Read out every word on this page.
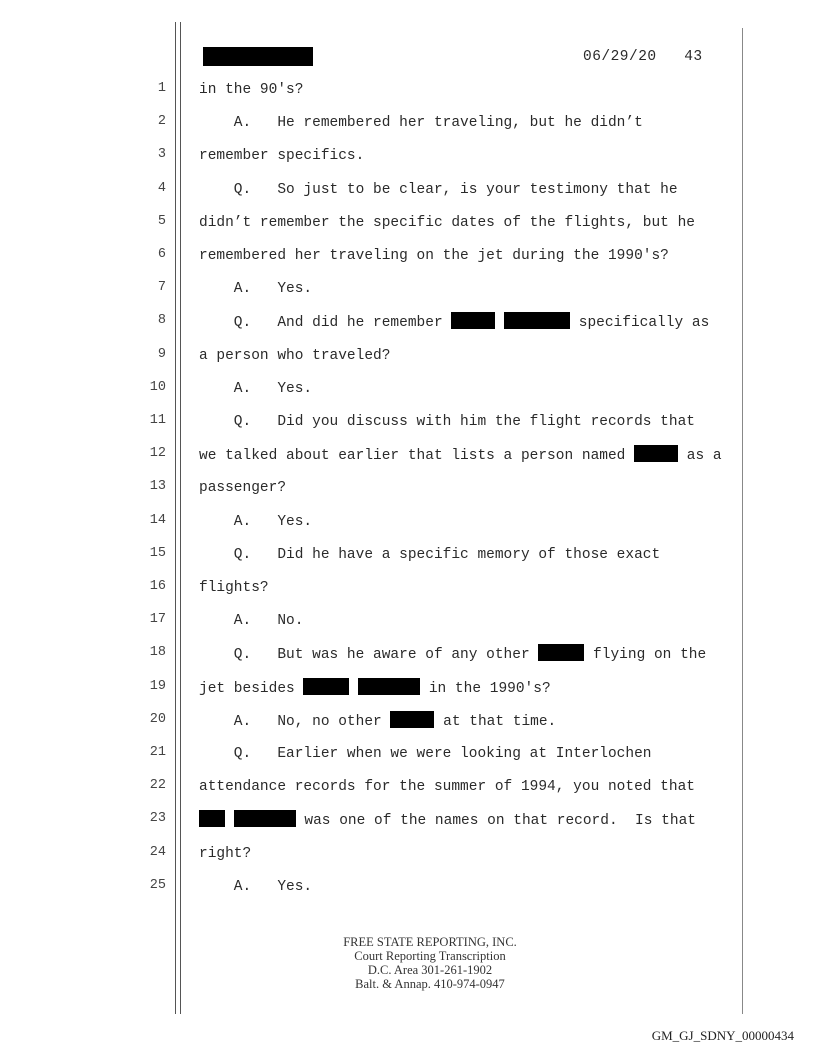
06/29/20 43
1 in the 90's?
2 A.   He remembered her traveling, but he didn’t
3 remember specifics.
4 Q.   So just to be clear, is your testimony that he
5 didn’t remember the specific dates of the flights, but he
6 remembered her traveling on the jet during the 1990's?
7 A.   Yes.
8 Q.   And did he remember	specifically as
9 a person who traveled?
10 A.   Yes.
11 Q.   Did you discuss with him the flight records that
12 we talked about earlier that lists a person named	as a
13 passenger?
14 A.   Yes.
15 Q.   Did he have a specific memory of those exact
16 flights?
17 A.   No.
18 Q.   But was he aware of any other	flying on the
19 jet besides	in the 1990's?
20 A.   No, no other	at that time.
21 Q.   Earlier when we were looking at Interlochen
22 attendance records for the summer of 1994, you noted that
23	was one of the names on that record.  Is that
24 right?
25 A.   Yes.
FREE STATE REPORTING, INC.
Court Reporting Transcription
D.C. Area 301-261-1902
Balt. & Annap. 410-974-0947
GM_GJ_SDNY_00000434
